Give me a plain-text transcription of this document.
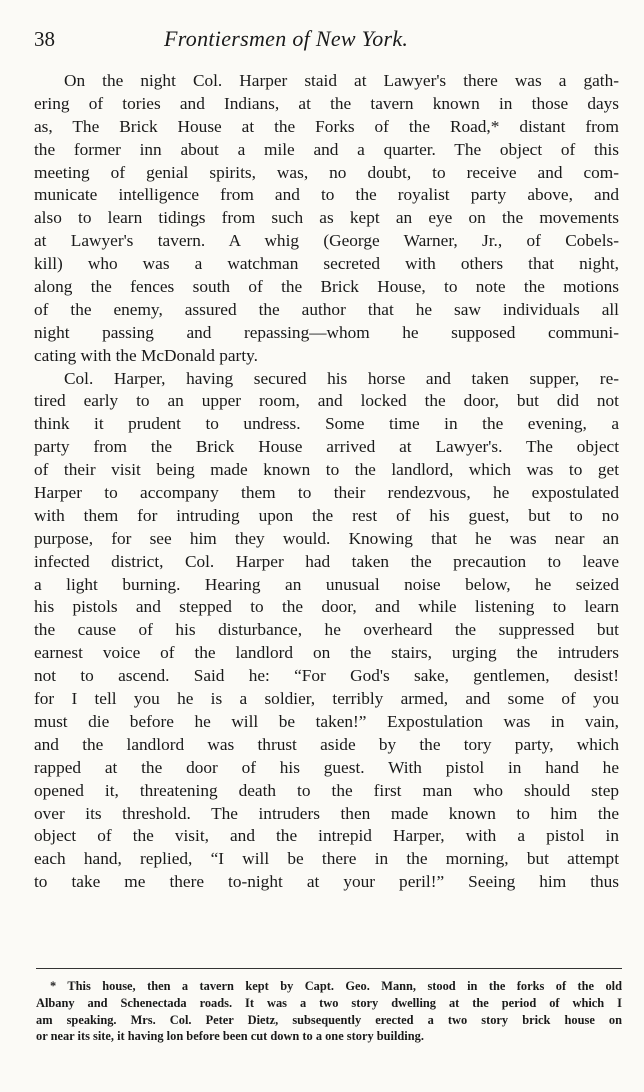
38	Frontiersmen of New York.
On the night Col. Harper staid at Lawyer's there was a gath-
ering of tories and Indians, at the tavern known in those days
as, The Brick House at the Forks of the Road,* distant from
the former inn about a mile and a quarter. The object of this
meeting of genial spirits, was, no doubt, to receive and com-
municate intelligence from and to the royalist party above, and
also to learn tidings from such as kept an eye on the movements
at Lawyer's tavern. A whig (George Warner, Jr., of Cobels-
kill) who was a watchman secreted with others that night,
along the fences south of the Brick House, to note the motions
of the enemy, assured the author that he saw individuals all
night passing and repassing—whom he supposed communi-
cating with the McDonald party.
Col. Harper, having secured his horse and taken supper, re-
tired early to an upper room, and locked the door, but did not
think it prudent to undress. Some time in the evening, a
party from the Brick House arrived at Lawyer's. The object
of their visit being made known to the landlord, which was to get
Harper to accompany them to their rendezvous, he expostulated
with them for intruding upon the rest of his guest, but to no
purpose, for see him they would. Knowing that he was near an
infected district, Col. Harper had taken the precaution to leave
a light burning. Hearing an unusual noise below, he seized
his pistols and stepped to the door, and while listening to learn
the cause of his disturbance, he overheard the suppressed but
earnest voice of the landlord on the stairs, urging the intruders
not to ascend. Said he: “For God's sake, gentlemen, desist!
for I tell you he is a soldier, terribly armed, and some of you
must die before he will be taken!” Expostulation was in vain,
and the landlord was thrust aside by the tory party, which
rapped at the door of his guest. With pistol in hand he
opened it, threatening death to the first man who should step
over its threshold. The intruders then made known to him the
object of the visit, and the intrepid Harper, with a pistol in
each hand, replied, “I will be there in the morning, but attempt
to take me there to-night at your peril!” Seeing him thus
* This house, then a tavern kept by Capt. Geo. Mann, stood in the forks of the old
Albany and Schenectada roads. It was a two story dwelling at the period of which I
am speaking. Mrs. Col. Peter Dietz, subsequently erected a two story brick house on
or near its site, it having lon before been cut down to a one story building.
